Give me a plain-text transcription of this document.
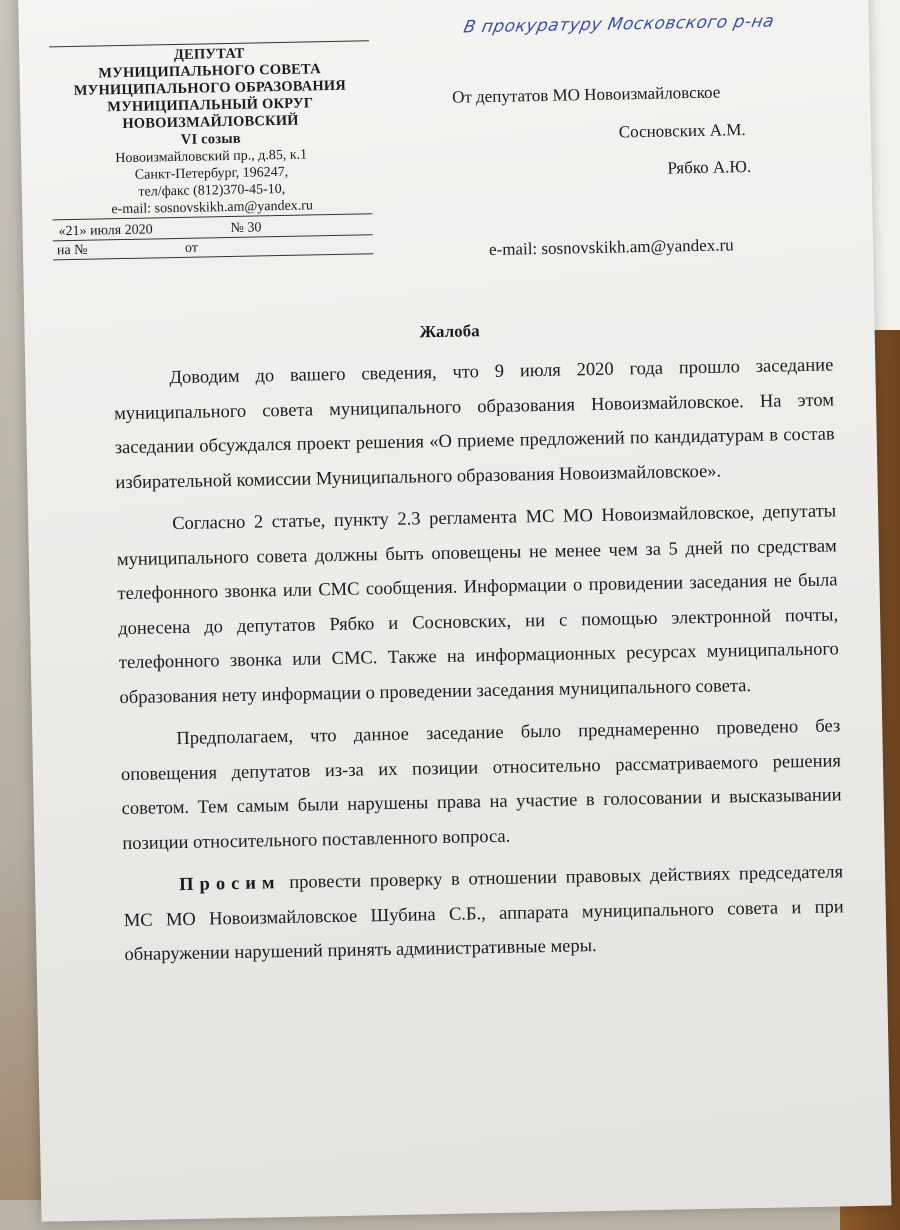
ДЕПУТАТ
МУНИЦИПАЛЬНОГО СОВЕТА
МУНИЦИПАЛЬНОГО ОБРАЗОВАНИЯ
МУНИЦИПАЛЬНЫЙ ОКРУГ
НОВОИЗМАЙЛОВСКИЙ
VI созыв
Новоизмайловский пр., д.85, к.1
Санкт-Петербург, 196247,
тел/факс (812)370-45-10,
e-mail: sosnovskikh.am@yandex.ru
«21» июля 2020	№ 30
на №	от
В прокуратуру Московского р-на
От депутатов МО Новоизмайловское
Сосновских А.М.
Рябко А.Ю.
e-mail: sosnovskikh.am@yandex.ru
Жалоба

Доводим до вашего сведения, что 9 июля 2020 года прошло заседание муниципального совета муниципального образования Новоизмайловское. На этом заседании обсуждался проект решения «О приеме предложений по кандидатурам в состав избирательной комиссии Муниципального образования Новоизмайловское».

Согласно 2 статье, пункту 2.3 регламента МС МО Новоизмайловское, депутаты муниципального совета должны быть оповещены не менее чем за 5 дней по средствам телефонного звонка или СМС сообщения. Информации о провидении заседания не была донесена до депутатов Рябко и Сосновских, ни с помощью электронной почты, телефонного звонка или СМС. Также на информационных ресурсах муниципального образования нету информации о проведении заседания муниципального совета.

Предполагаем, что данное заседание было преднамеренно проведено без оповещения депутатов из-за их позиции относительно рассматриваемого решения советом. Тем самым были нарушены права на участие в голосовании и высказывании позиции относительного поставленного вопроса.

Просим провести проверку в отношении правовых действиях председателя МС МО Новоизмайловское Шубина С.Б., аппарата муниципального совета и при обнаружении нарушений принять административные меры.
